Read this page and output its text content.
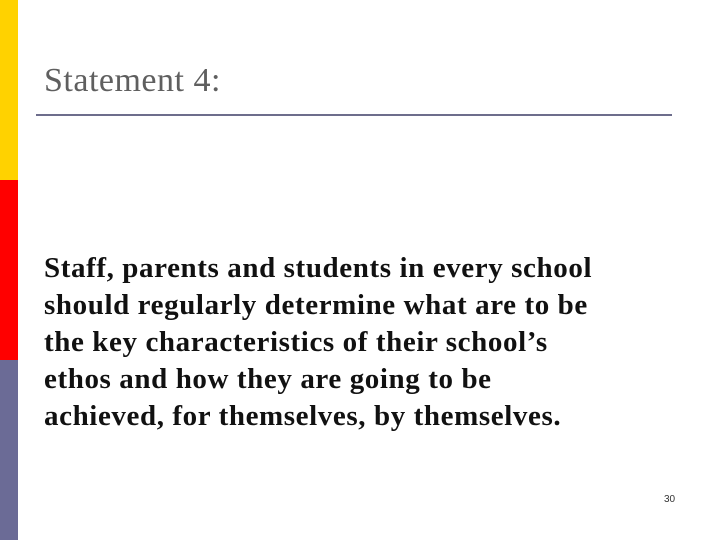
Statement 4:
Staff, parents and students in every school
should regularly determine what are to be
the key characteristics of their school’s
ethos and how they are going to be
achieved, for themselves, by themselves.
30
